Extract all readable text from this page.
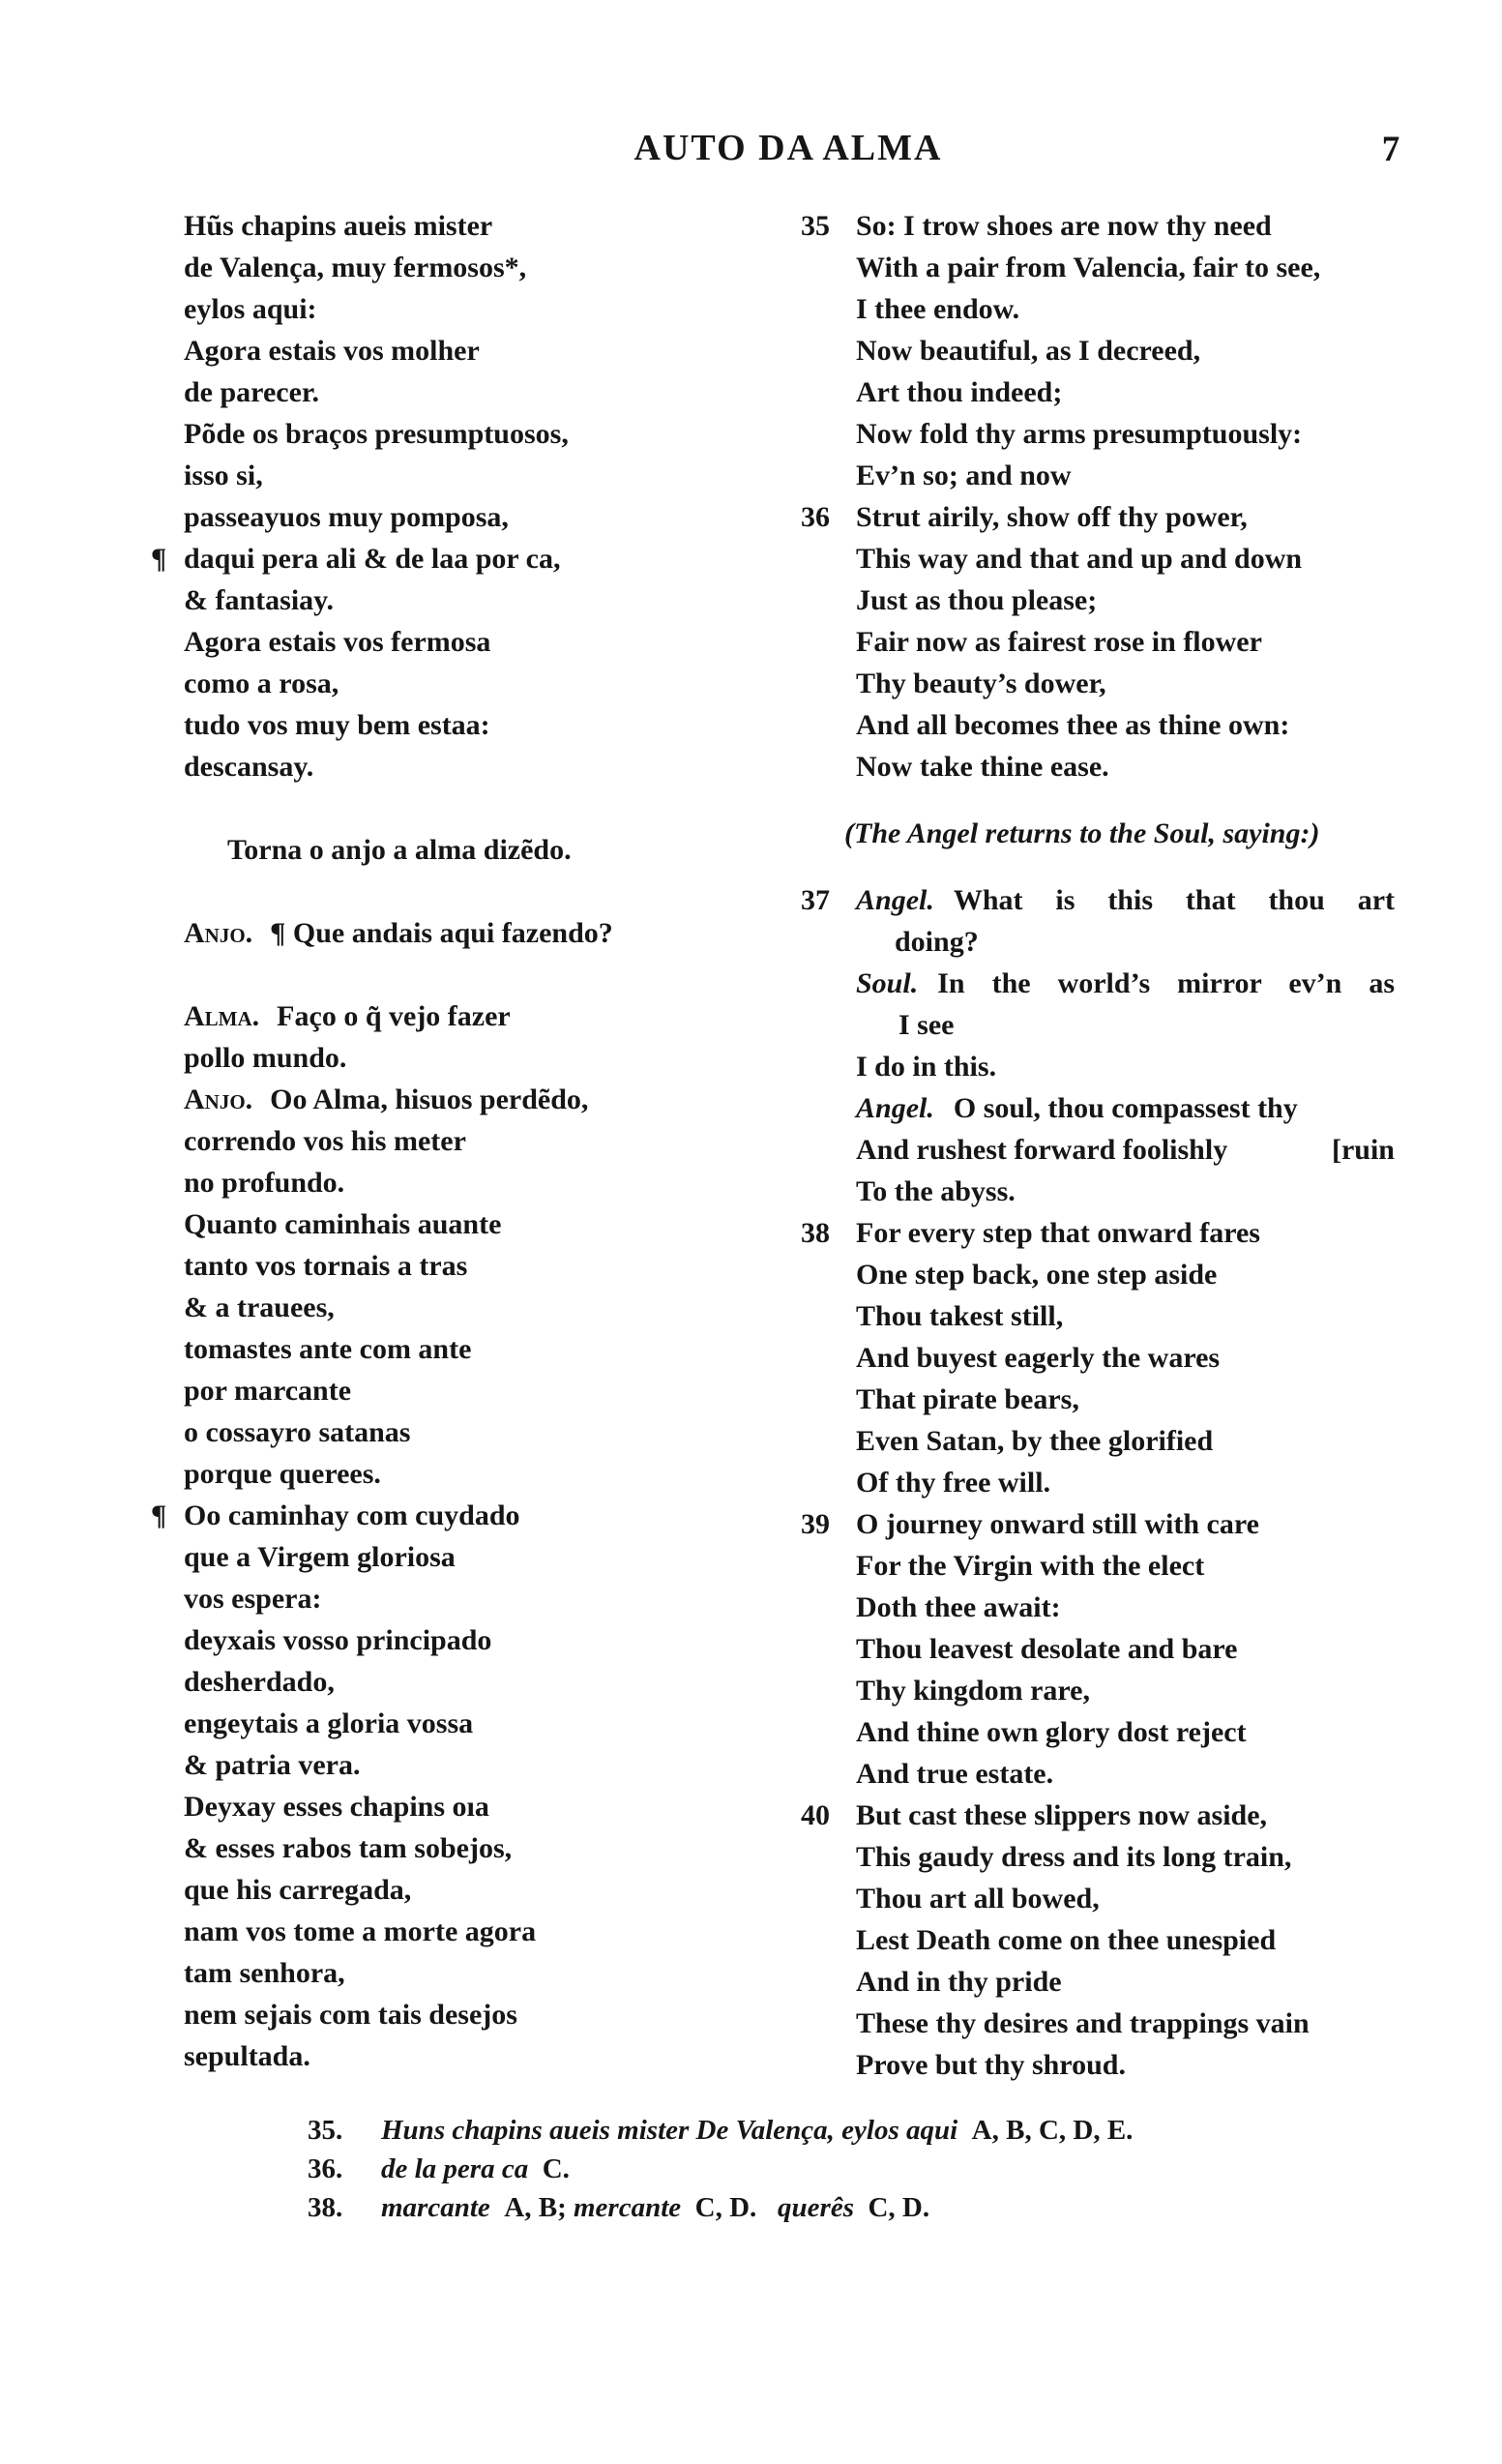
AUTO DA ALMA	7
Hũs chapins aueis mister
de Valença, muy fermosos*,
eylos aqui:
Agora estais vos molher
de parecer.
Põde os braços presumptuosos,
isso si,
passeayuos muy pomposa,
¶ daqui pera ali & de laa por ca,
& fantasiay.
Agora estais vos fermosa
como a rosa,
tudo vos muy bem estaa:
descansay.
Torna o anjo a alma dizẽdo.
Anjo. ¶ Que andais aqui fazendo?
Alma. Faço o q̃ vejo fazer
pollo mundo.
Anjo. Oo Alma, hisuos perdẽdo,
correndo vos his meter
no profundo.
Quanto caminhais auante
tanto vos tornais a tras
& a trauees,
tomastes ante com ante
por marcante
o cossayro satanas
porque querees.
¶ Oo caminhay com cuydado
que a Virgem gloriosa
vos espera:
deyxais vosso principado
desherdado,
engeytais a gloria vossa
& patria vera.
Deyxay esses chapins oıa
& esses rabos tam sobejos,
que his carregada,
nam vos tome a morte agora
tam senhora,
nem sejais com tais desejos
sepultada.
35 So: I trow shoes are now thy need
With a pair from Valencia, fair to see,
I thee endow.
Now beautiful, as I decreed,
Art thou indeed;
Now fold thy arms presumptuously:
Ev’n so; and now
36 Strut airily, show off thy power,
This way and that and up and down
Just as thou please;
Fair now as fairest rose in flower
Thy beauty’s dower,
And all becomes thee as thine own:
Now take thine ease.
(The Angel returns to the Soul, saying:)
37 Angel. What is this that thou art
doing?
Soul. In the world’s mirror ev’n as
I see
I do in this.
Angel. O soul, thou compassest thy
And rushest forward foolishly	[ruin
To the abyss.
38 For every step that onward fares
One step back, one step aside
Thou takest still,
And buyest eagerly the wares
That pirate bears,
Even Satan, by thee glorified
Of thy free will.
39 O journey onward still with care
For the Virgin with the elect
Doth thee await:
Thou leavest desolate and bare
Thy kingdom rare,
And thine own glory dost reject
And true estate.
40 But cast these slippers now aside,
This gaudy dress and its long train,
Thou art all bowed,
Lest Death come on thee unespied
And in thy pride
These thy desires and trappings vain
Prove but thy shroud.
35. Huns chapins aueis mister De Valença, eylos aqui A, B, C, D, E.
36. de la pera ca C.
38. marcante A, B; mercante C, D.  querês C, D.
